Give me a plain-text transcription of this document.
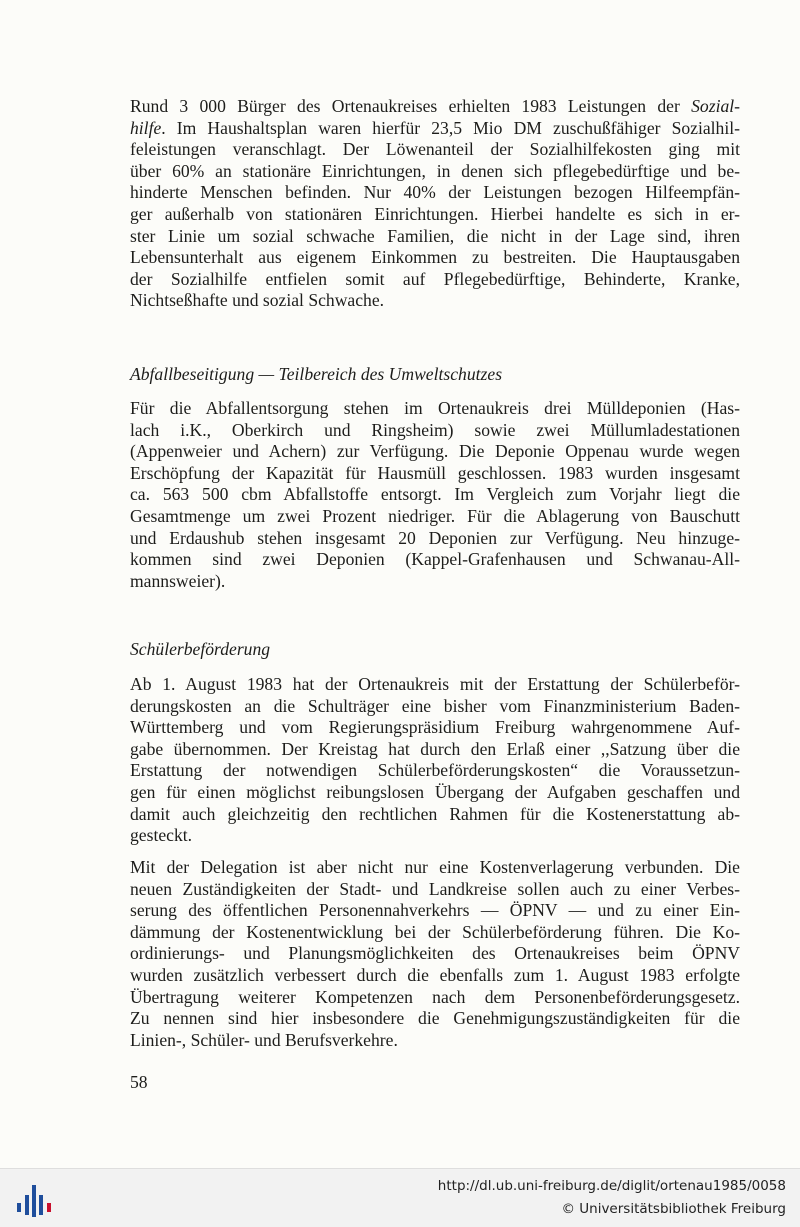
Rund 3 000 Bürger des Ortenaukreises erhielten 1983 Leistungen der Sozial-
hilfe. Im Haushaltsplan waren hierfür 23,5 Mio DM zuschußfähiger Sozialhil-
feleistungen veranschlagt. Der Löwenanteil der Sozialhilfekosten ging mit
über 60% an stationäre Einrichtungen, in denen sich pflegebedürftige und be-
hinderte Menschen befinden. Nur 40% der Leistungen bezogen Hilfeempfän-
ger außerhalb von stationären Einrichtungen. Hierbei handelte es sich in er-
ster Linie um sozial schwache Familien, die nicht in der Lage sind, ihren
Lebensunterhalt aus eigenem Einkommen zu bestreiten. Die Hauptausgaben
der Sozialhilfe entfielen somit auf Pflegebedürftige, Behinderte, Kranke,
Nichtseßhafte und sozial Schwache.
Abfallbeseitigung — Teilbereich des Umweltschutzes
Für die Abfallentsorgung stehen im Ortenaukreis drei Mülldeponien (Has-
lach i.K., Oberkirch und Ringsheim) sowie zwei Müllumladestationen
(Appenweier und Achern) zur Verfügung. Die Deponie Oppenau wurde wegen
Erschöpfung der Kapazität für Hausmüll geschlossen. 1983 wurden insgesamt
ca. 563 500 cbm Abfallstoffe entsorgt. Im Vergleich zum Vorjahr liegt die
Gesamtmenge um zwei Prozent niedriger. Für die Ablagerung von Bauschutt
und Erdaushub stehen insgesamt 20 Deponien zur Verfügung. Neu hinzuge-
kommen sind zwei Deponien (Kappel-Grafenhausen und Schwanau-All-
mannsweier).
Schülerbeförderung
Ab 1. August 1983 hat der Ortenaukreis mit der Erstattung der Schülerbeför-
derungskosten an die Schulträger eine bisher vom Finanzministerium Baden-
Württemberg und vom Regierungspräsidium Freiburg wahrgenommene Auf-
gabe übernommen. Der Kreistag hat durch den Erlaß einer ,,Satzung über die
Erstattung der notwendigen Schülerbeförderungskosten“ die Voraussetzun-
gen für einen möglichst reibungslosen Übergang der Aufgaben geschaffen und
damit auch gleichzeitig den rechtlichen Rahmen für die Kostenerstattung ab-
gesteckt.
Mit der Delegation ist aber nicht nur eine Kostenverlagerung verbunden. Die
neuen Zuständigkeiten der Stadt- und Landkreise sollen auch zu einer Verbes-
serung des öffentlichen Personennahverkehrs — ÖPNV — und zu einer Ein-
dämmung der Kostenentwicklung bei der Schülerbeförderung führen. Die Ko-
ordinierungs- und Planungsmöglichkeiten des Ortenaukreises beim ÖPNV
wurden zusätzlich verbessert durch die ebenfalls zum 1. August 1983 erfolgte
Übertragung weiterer Kompetenzen nach dem Personenbeförderungsgesetz.
Zu nennen sind hier insbesondere die Genehmigungszuständigkeiten für die
Linien-, Schüler- und Berufsverkehre.
58
http://dl.ub.uni-freiburg.de/diglit/ortenau1985/0058
© Universitätsbibliothek Freiburg
